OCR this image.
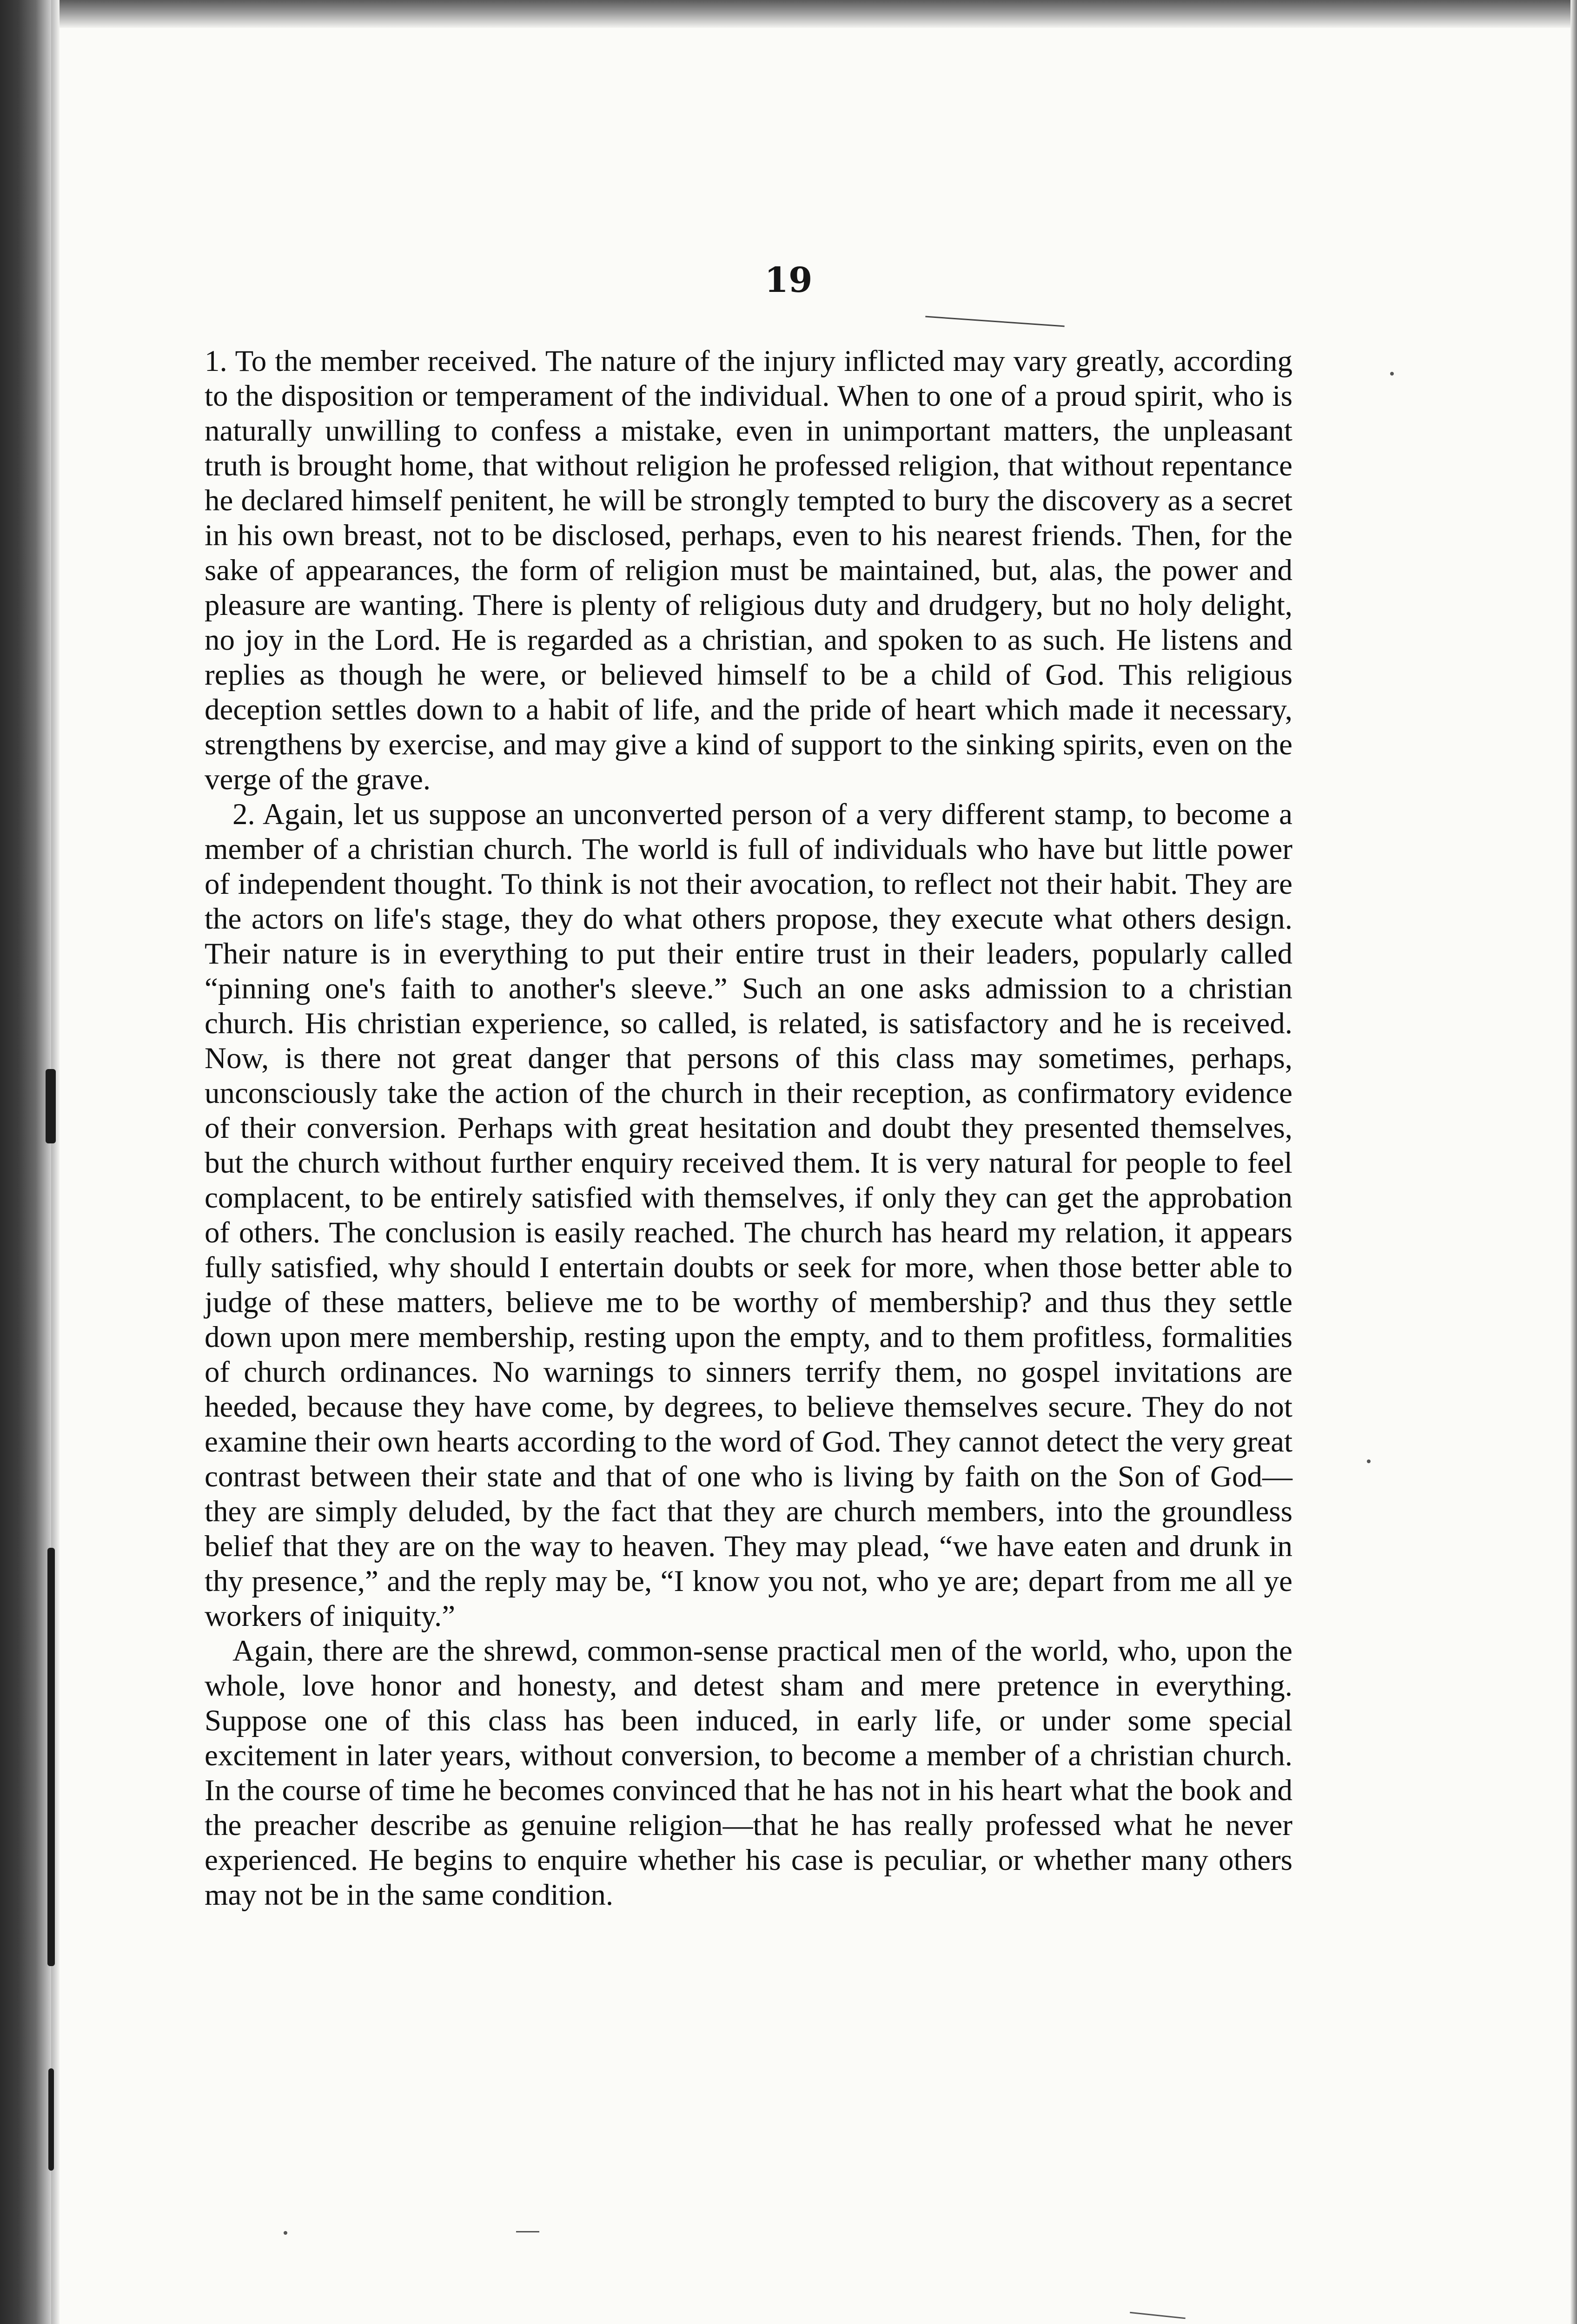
19

1. To the member received. The nature of the injury inflicted may vary greatly, according to the disposition or temperament of the individual. When to one of a proud spirit, who is naturally unwilling to confess a mistake, even in unimportant matters, the unpleasant truth is brought home, that without religion he professed religion, that without repentance he declared himself penitent, he will be strongly tempted to bury the discovery as a secret in his own breast, not to be disclosed, perhaps, even to his nearest friends. Then, for the sake of appearances, the form of religion must be maintained, but, alas, the power and pleasure are wanting. There is plenty of religious duty and drudgery, but no holy delight, no joy in the Lord. He is regarded as a christian, and spoken to as such. He listens and replies as though he were, or believed himself to be a child of God. This religious deception settles down to a habit of life, and the pride of heart which made it necessary, strengthens by exercise, and may give a kind of support to the sinking spirits, even on the verge of the grave.

2. Again, let us suppose an unconverted person of a very different stamp, to become a member of a christian church. The world is full of individuals who have but little power of independent thought. To think is not their avocation, to reflect not their habit. They are the actors on life's stage, they do what others propose, they execute what others design. Their nature is in everything to put their entire trust in their leaders, popularly called “pinning one's faith to another's sleeve.” Such an one asks admission to a christian church. His christian experience, so called, is related, is satisfactory and he is received. Now, is there not great danger that persons of this class may sometimes, perhaps, unconsciously take the action of the church in their reception, as confirmatory evidence of their conversion. Perhaps with great hesitation and doubt they presented themselves, but the church without further enquiry received them. It is very natural for people to feel complacent, to be entirely satisfied with themselves, if only they can get the approbation of others. The conclusion is easily reached. The church has heard my relation, it appears fully satisfied, why should I entertain doubts or seek for more, when those better able to judge of these matters, believe me to be worthy of membership? and thus they settle down upon mere membership, resting upon the empty, and to them profitless, formalities of church ordinances. No warnings to sinners terrify them, no gospel invitations are heeded, because they have come, by degrees, to believe themselves secure. They do not examine their own hearts according to the word of God. They cannot detect the very great contrast between their state and that of one who is living by faith on the Son of God—they are simply deluded, by the fact that they are church members, into the groundless belief that they are on the way to heaven. They may plead, “we have eaten and drunk in thy presence,” and the reply may be, “I know you not, who ye are; depart from me all ye workers of iniquity.”

Again, there are the shrewd, common-sense practical men of the world, who, upon the whole, love honor and honesty, and detest sham and mere pretence in everything. Suppose one of this class has been induced, in early life, or under some special excitement in later years, without conversion, to become a member of a christian church. In the course of time he becomes convinced that he has not in his heart what the book and the preacher describe as genuine religion—that he has really professed what he never experienced. He begins to enquire whether his case is peculiar, or whether many others may not be in the same condition.
